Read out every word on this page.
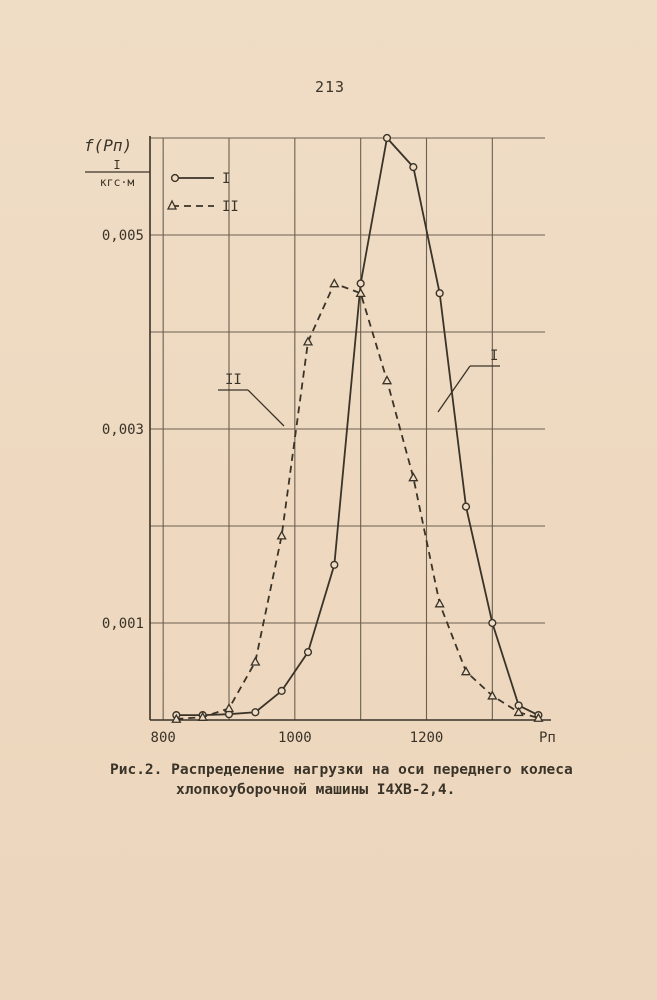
213
800	1000	1200
0,001
0,003
0,005
f(Pп)
I
кгс·м
Pп
I
II
II
I
Рис.2. Распределение нагрузки на оси переднего колеса
хлопкоуборочной машины I4ХВ-2,4.
